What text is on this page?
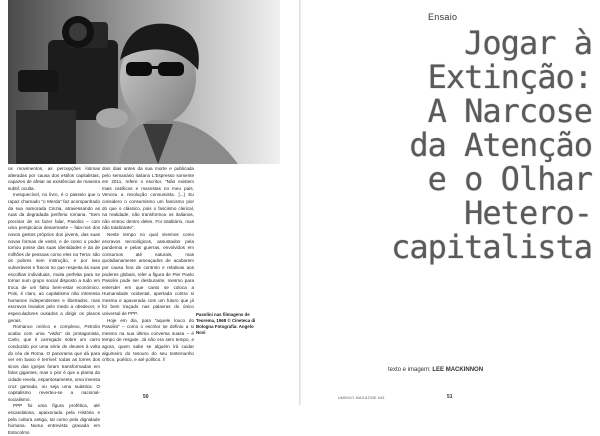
os movimentos, as percepções íntimas alteradas por causa dos estilos capitalistas, capazes de afetar as existências de maneira subtil, oculta.

Inesquecível, no livro, é o passeio que o rapaz chamado "o Merda" faz acompanhado da sua namorada Cinzia, atravessando as ruas da degradada periferia romana. "Sem precisar de os fazer falar, Pasolini – com uma perspicácia desarmante – fala-nos dos novos gestos próprios dos jovens, das suas novas formas de vestir, e de como o poder tornou posse das suas identidades e da de milhões de pessoas como eles na Terra: são os pobres sem instrução, e por isso vulneráveis e fracos no que respeita às suas escolhas individuais, muita perfeita para se tornar num grupo social disposto a tudo em troca de um falso bem-estar económico. Pois, é claro, ao capitalismo não interessa humanos independentes e libertados, mas escravos levados pelo medo a obedecer, e especuladores ousados a dirigir os planos gerais.

Romance onírico e complexo, Petrolio acaba com uma "visão" do protagonista, Carlo, que é carregado sobre um carro conduzido por uma série de deuses à volta do céu de Roma. O panorama que dá para ver em baixo é terrível: todas as torres dos sinos das igrejas foram transformadas em falos gigantes, mas o pior é que a planta da cidade revela, espantosamente, uma imensa cruz gamada, ou seja uma suástica. O capitalismo reverteu-se a nacional-socialismo.

PPP foi uma figura profética, até escandalosa, apaixonada pela História e pela cultura antiga, tal como pela dignidade humana. Numa entrevista gravada em Estocolmo

dois dias antes da sua morte e publicada pelo semanário italiano L'Espresso somente em 2011, refere o escritor. "Não existem mais católicos e marxistas no meu país. Venceu a revolução consumista. [...] Eu considero o consumismo um fascismo pior do que o clássico, pois o fascismo clerical, na realidade, não transformou os italianos, não entrou dentro deles. Foi totalitário, mas não totalizante".

Neste tempo no qual vivemos como escravos tecnológicos, assustados pela pandemia e pelas guerras, envolvidos em consumos até naturais, mas quotidianamente ameaçados de acabarem por causa fora de controlo e relativas aos poderes globais, reler a figura de Pier Paolo Pasolini pode ser desburante, mesmo para entender em que canto se coloca a Humanidade ocidental, apertada contra si mesma e apavorada com um futuro que já foi bem traçado nas palavras do único universal de PPP.

Hoje em dia, para "aquele louco do Pasolini" – como o escritor se definiu a si mesmo na sua última conversa suasa – é tempo de resgate. Já não era sem tempo, e agora, quem sabe se alguém irá cuidar algumeiro do tesouro do seu testemunho crítico, poético, e até político. //

Pasolini nas filmagens de Teorema, 1968 © Cineteca di Bologna Fotografia: Angelo Novi
50	UMBIGO MAGAZINE #81
Ensaio
Jogar à
Extinção:
A Narcose
da Atenção
e o Olhar
Hetero-
capitalista
texto e imagem: LEE MACKINNON
51
